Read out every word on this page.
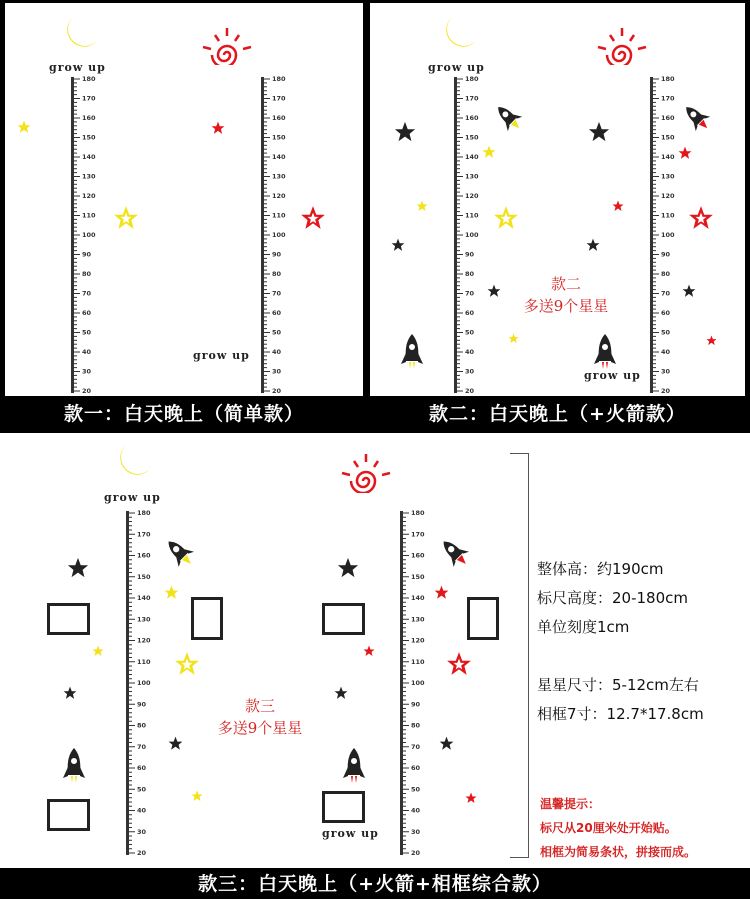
grow up
180
170
160
150
140
130
120
110
100
90
80
70
60
50
40
30
20
180
170
160
150
140
130
120
110
100
90
80
70
60
50
40
30
20
grow up
款一：白天晚上（简单款）
grow up
180
170
160
150
140
130
120
110
100
90
80
70
60
50
40
30
20
180
170
160
150
140
130
120
110
100
90
80
70
60
50
40
30
20
grow up
款二
多送9个星星
款二：白天晚上（+火箭款）
grow up
180
170
160
150
140
130
120
110
100
90
80
70
60
50
40
30
20
180
170
160
150
140
130
120
110
100
90
80
70
60
50
40
30
20
grow up
款三
多送9个星星
整体高：约190cm
标尺高度：20-180cm
单位刻度1cm
星星尺寸：5-12cm左右
相框7寸：12.7*17.8cm
温馨提示：
标尺从20厘米处开始贴。
相框为简易条状，拼接而成。
款三：白天晚上（+火箭+相框综合款）
